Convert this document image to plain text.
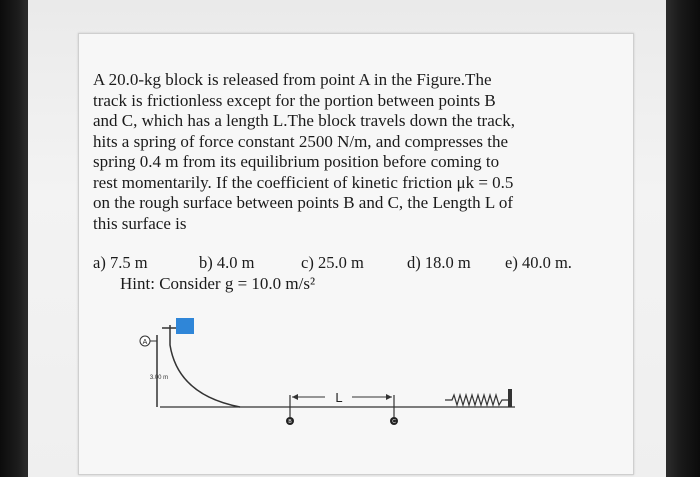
A 20.0-kg block is released from point A in the Figure.The
track is frictionless except for the portion between points B
and C, which has a length L.The block travels down the track,
hits a spring of force constant 2500 N/m, and compresses the
spring 0.4 m from its equilibrium position before coming to
rest momentarily. If the coefficient of kinetic friction μk = 0.5
on the rough surface between points B and C, the Length L of
this surface is
a) 7.5 m	b) 4.0 m	c) 25.0 m	d) 18.0 m e) 40.0 m.
Hint: Consider g = 10.0 m/s²
A
3.00 m
B	C
L
